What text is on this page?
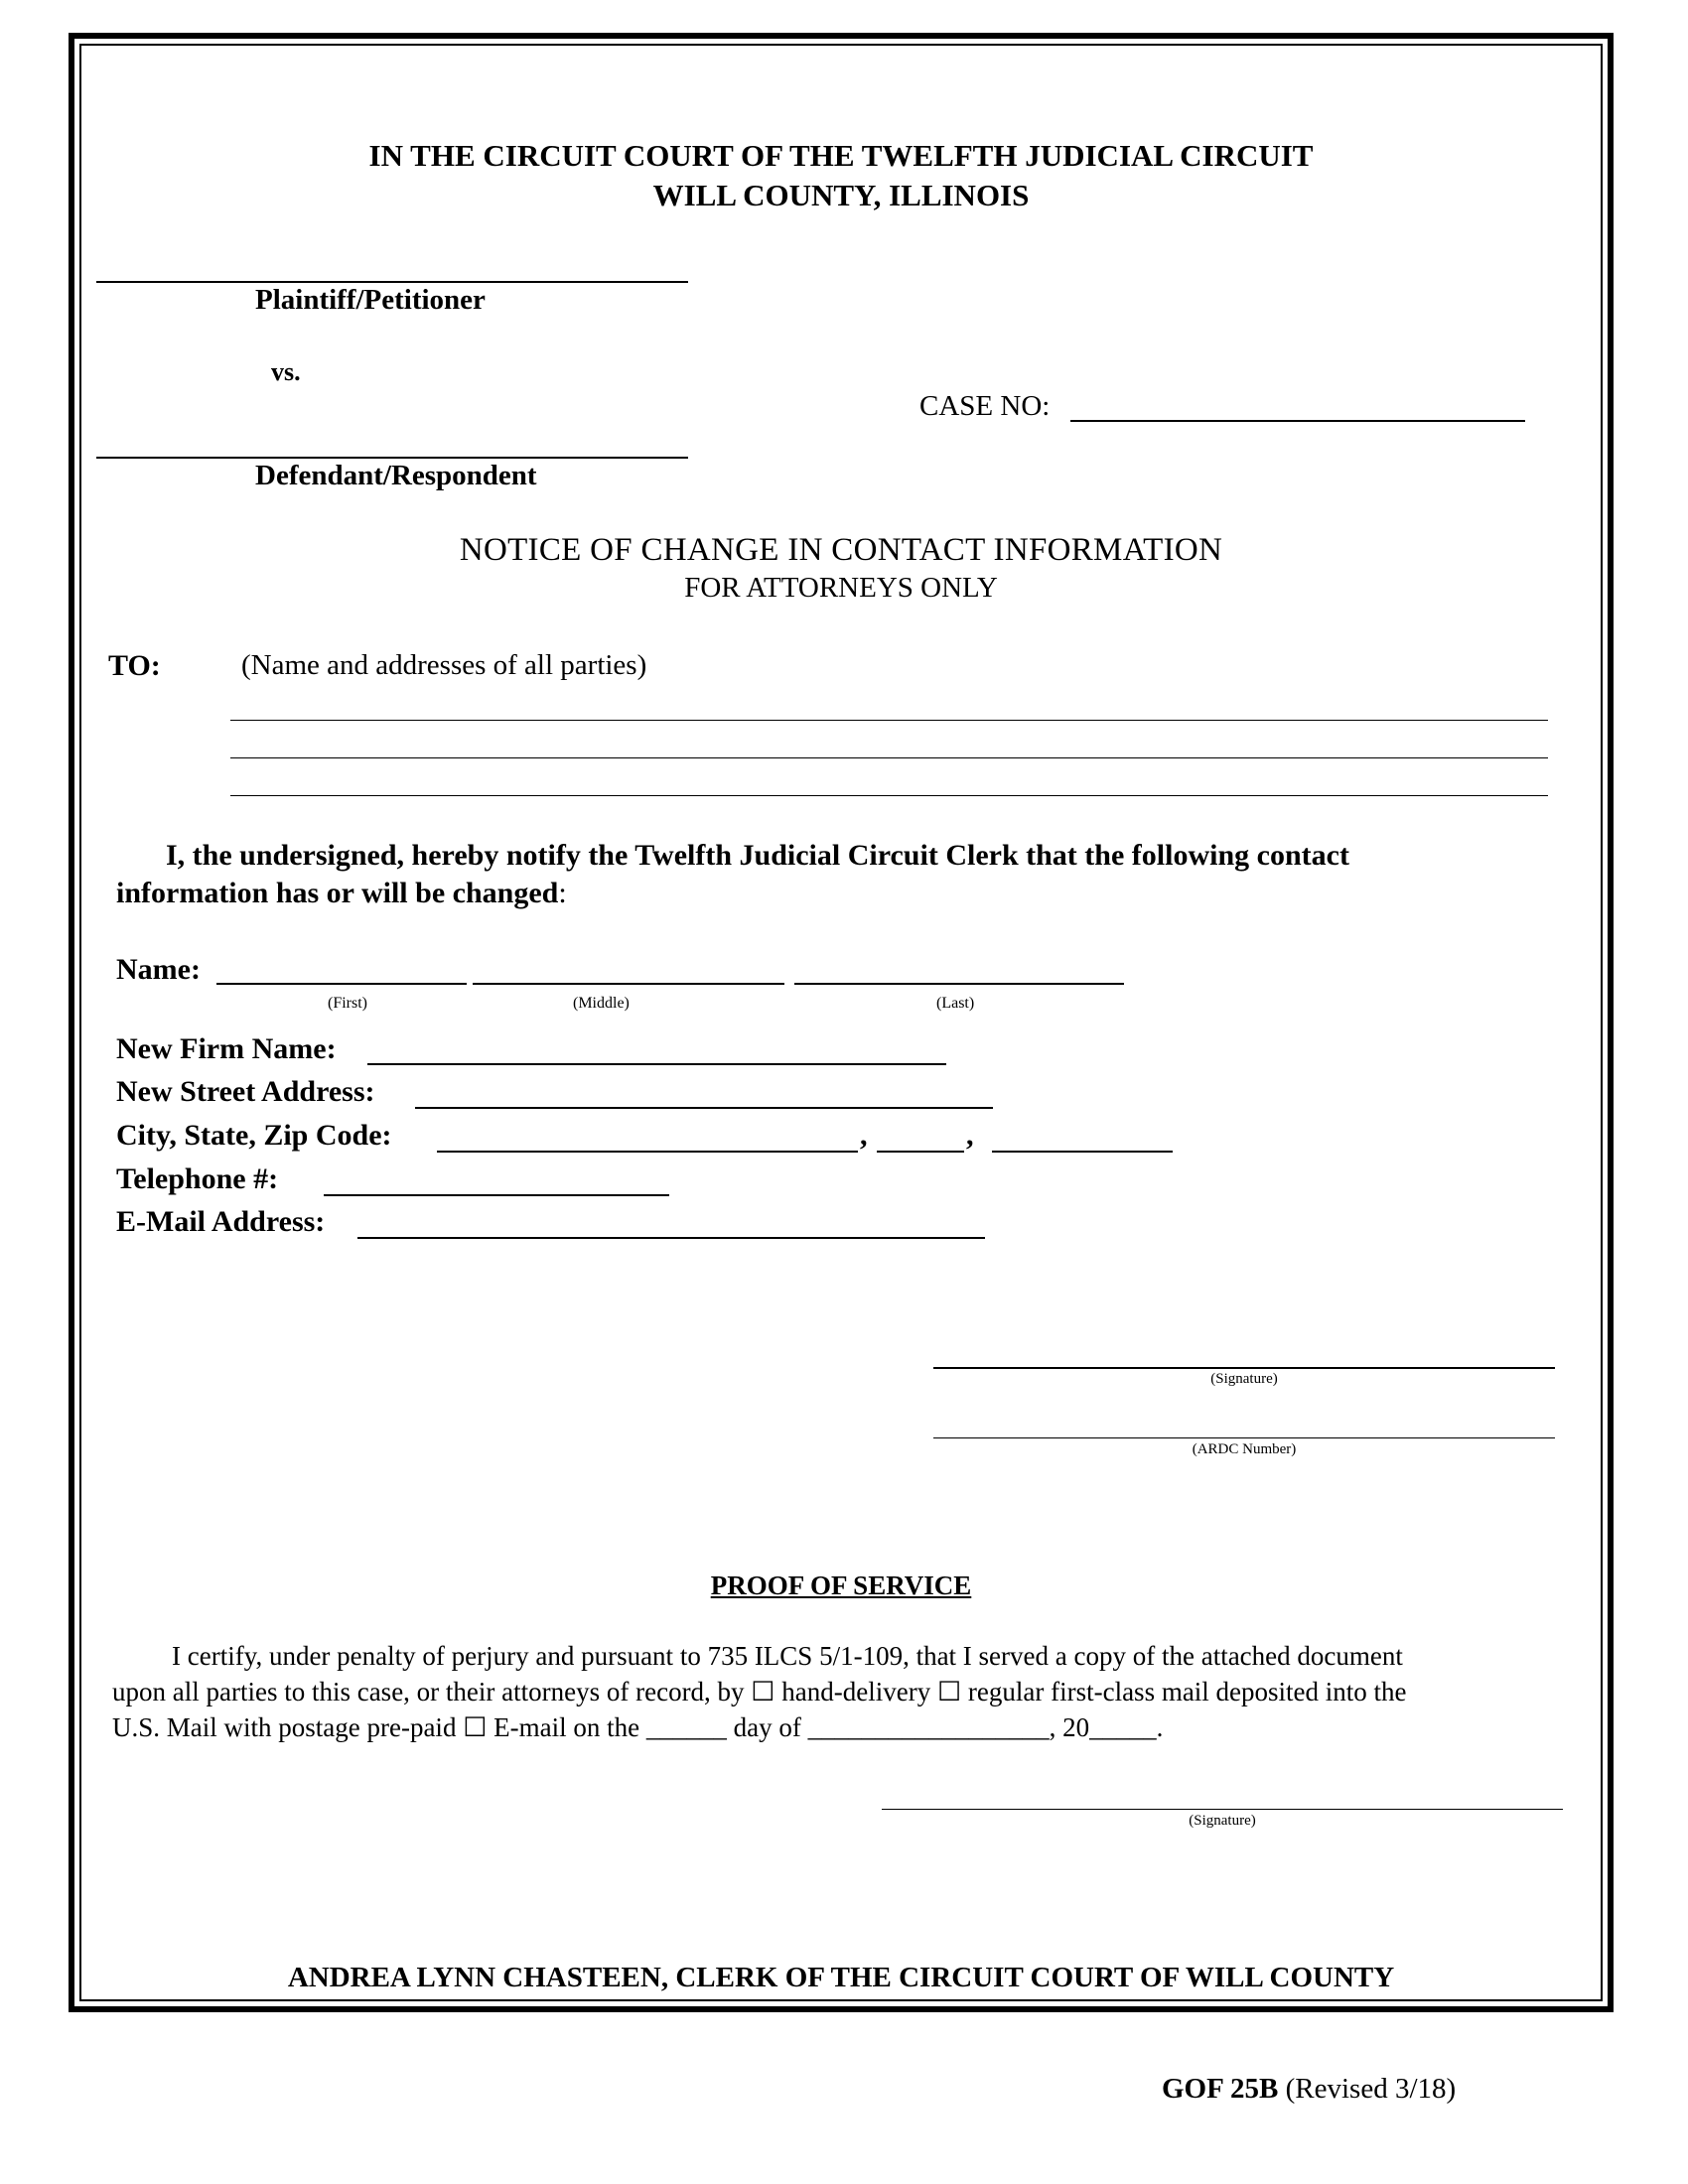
IN THE CIRCUIT COURT OF THE TWELFTH JUDICIAL CIRCUIT
WILL COUNTY, ILLINOIS
Plaintiff/Petitioner
vs.
Defendant/Respondent
CASE NO:
NOTICE OF CHANGE IN CONTACT INFORMATION
FOR ATTORNEYS ONLY
TO:	(Name and addresses of all parties)
I, the undersigned, hereby notify the Twelfth Judicial Circuit Clerk that the following contact
information has or will be changed:
Name:
(First)	(Middle)	(Last)
New Firm Name:
New Street Address:
City, State, Zip Code:	,	,
Telephone #:
E-Mail Address:
(Signature)
(ARDC Number)
PROOF OF SERVICE
I certify, under penalty of perjury and pursuant to 735 ILCS 5/1-109, that I served a copy of the attached document
upon all parties to this case, or their attorneys of record, by ☐ hand-delivery ☐ regular first-class mail deposited into the
U.S. Mail with postage pre-paid ☐ E-mail on the ______ day of __________________, 20_____.
(Signature)
ANDREA LYNN CHASTEEN, CLERK OF THE CIRCUIT COURT OF WILL COUNTY
GOF 25B (Revised 3/18)
